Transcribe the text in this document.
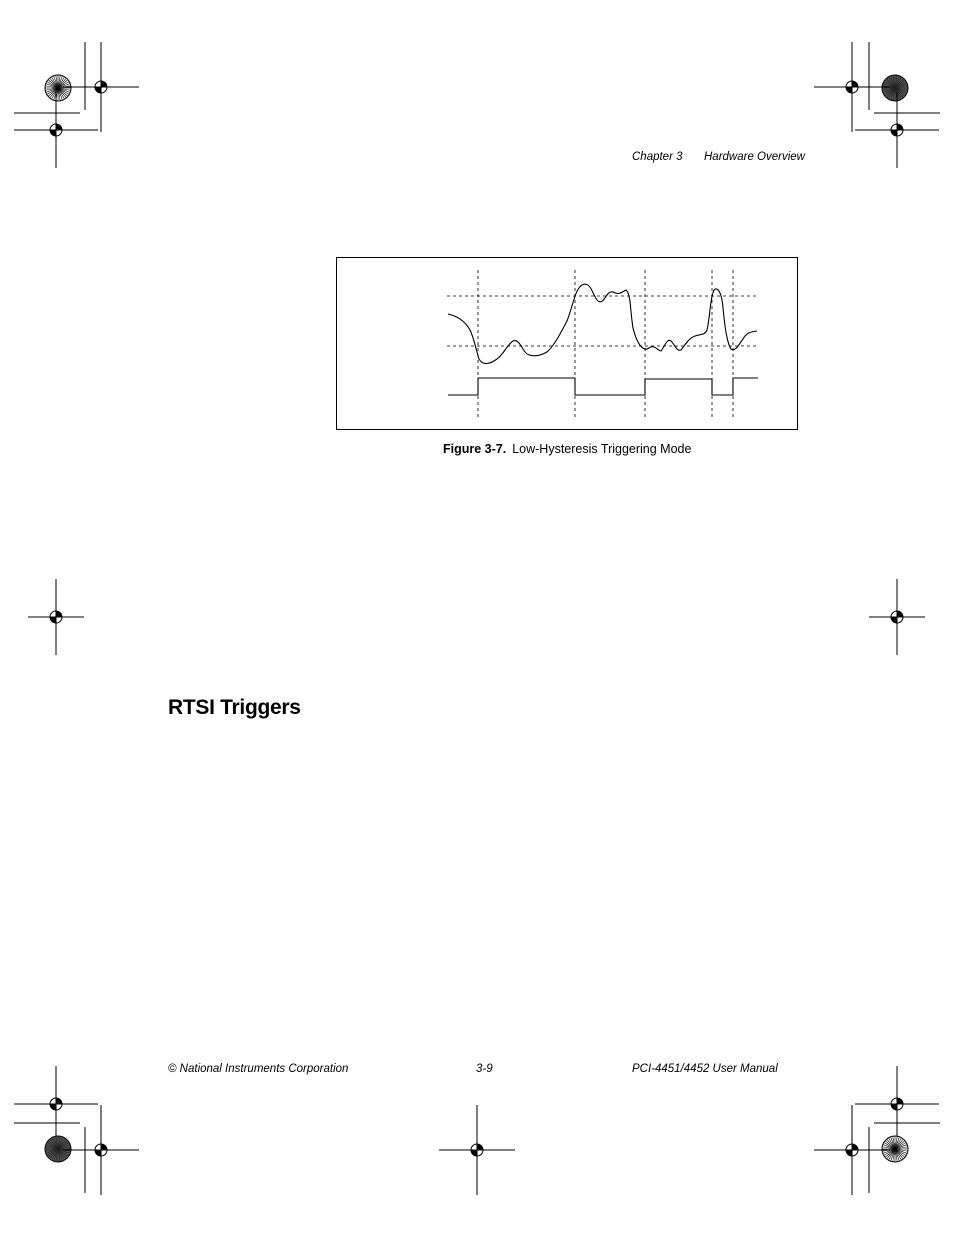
Chapter 3 Hardware Overview
Figure 3-7. Low-Hysteresis Triggering Mode
RTSI Triggers
© National Instruments Corporation	3-9	PCI-4451/4452 User Manual
